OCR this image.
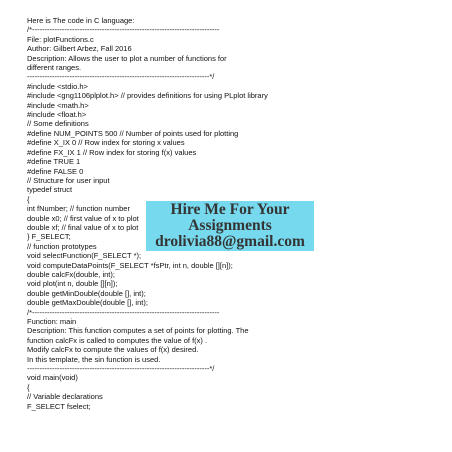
Here is The code in C language:
/*---------------------------------------------------------------------------
File: plotFunctions.c
Author: Gilbert Arbez, Fall 2016
Description: Allows the user to plot a number of functions for
different ranges.
-------------------------------------------------------------------------*/
#include <stdio.h>
#include <gng1106plplot.h> // provides definitions for using PLplot library
#include <math.h>
#include <float.h>
// Some definitions
#define NUM_POINTS 500 // Number of points used for plotting
#define X_IX 0 // Row index for storing x values
#define FX_IX 1 // Row index for storing f(x) values
#define TRUE 1
#define FALSE 0
// Structure for user input
typedef struct
{
int fNumber; // function number
double x0; // first value of x to plot
double xf; // final value of x to plot
} F_SELECT;
// function prototypes
void selectFunction(F_SELECT *);
void computeDataPoints(F_SELECT *fsPtr, int n, double [][n]);
double calcFx(double, int);
void plot(int n, double [][n]);
double getMinDouble(double [], int);
double getMaxDouble(double [], int);
/*---------------------------------------------------------------------------
Function: main
Description: This function computes a set of points for plotting. The
function calcFx is called to computes the value of f(x) .
Modify calcFx to compute the values of f(x) desired.
In this template, the sin function is used.
-------------------------------------------------------------------------*/
void main(void)
{
// Variable declarations
F_SELECT fselect;
Hire Me For Your
Assignments
drolivia88@gmail.com
